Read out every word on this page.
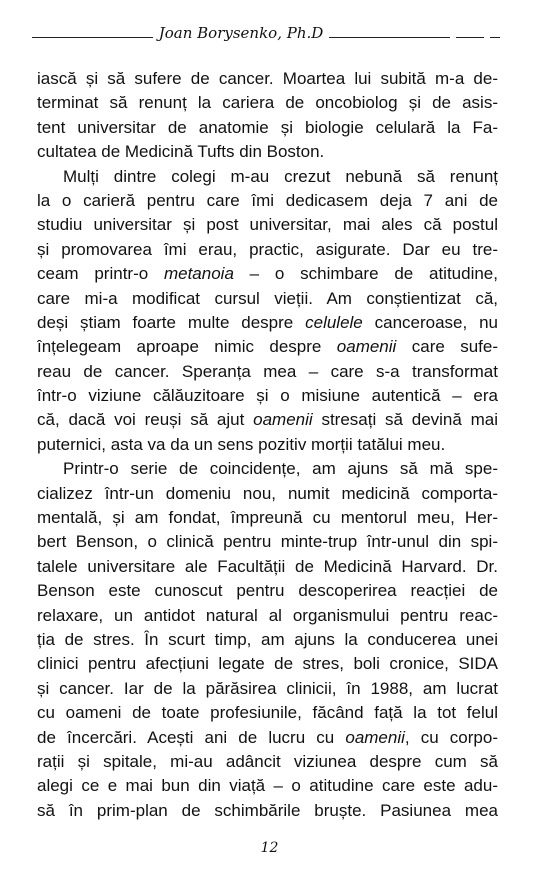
Joan Borysenko, Ph.D
iască și să sufere de cancer. Moartea lui subită m-a de-
terminat să renunț la cariera de oncobiolog și de asis-
tent universitar de anatomie și biologie celulară la Fa-
cultatea de Medicină Tufts din Boston.
Mulți dintre colegi m-au crezut nebună să renunț
la o carieră pentru care îmi dedicasem deja 7 ani de
studiu universitar și post universitar, mai ales că postul
și promovarea îmi erau, practic, asigurate. Dar eu tre-
ceam printr-o metanoia – o schimbare de atitudine,
care mi-a modificat cursul vieții. Am conștientizat că,
deși știam foarte multe despre celulele canceroase, nu
înțelegeam aproape nimic despre oamenii care sufe-
reau de cancer. Speranța mea – care s-a transformat
într-o viziune călăuzitoare și o misiune autentică – era
că, dacă voi reuși să ajut oamenii stresați să devină mai
puternici, asta va da un sens pozitiv morții tatălui meu.
Printr-o serie de coincidențe, am ajuns să mă spe-
cializez într-un domeniu nou, numit medicină comporta-
mentală, și am fondat, împreună cu mentorul meu, Her-
bert Benson, o clinică pentru minte-trup într-unul din spi-
talele universitare ale Facultății de Medicină Harvard. Dr.
Benson este cunoscut pentru descoperirea reacției de
relaxare, un antidot natural al organismului pentru reac-
ția de stres. În scurt timp, am ajuns la conducerea unei
clinici pentru afecțiuni legate de stres, boli cronice, SIDA
și cancer. Iar de la părăsirea clinicii, în 1988, am lucrat
cu oameni de toate profesiunile, făcând față la tot felul
de încercări. Acești ani de lucru cu oamenii, cu corpo-
rații și spitale, mi-au adâncit viziunea despre cum să
alegi ce e mai bun din viață – o atitudine care este adu-
să în prim-plan de schimbările bruște. Pasiunea mea
12
